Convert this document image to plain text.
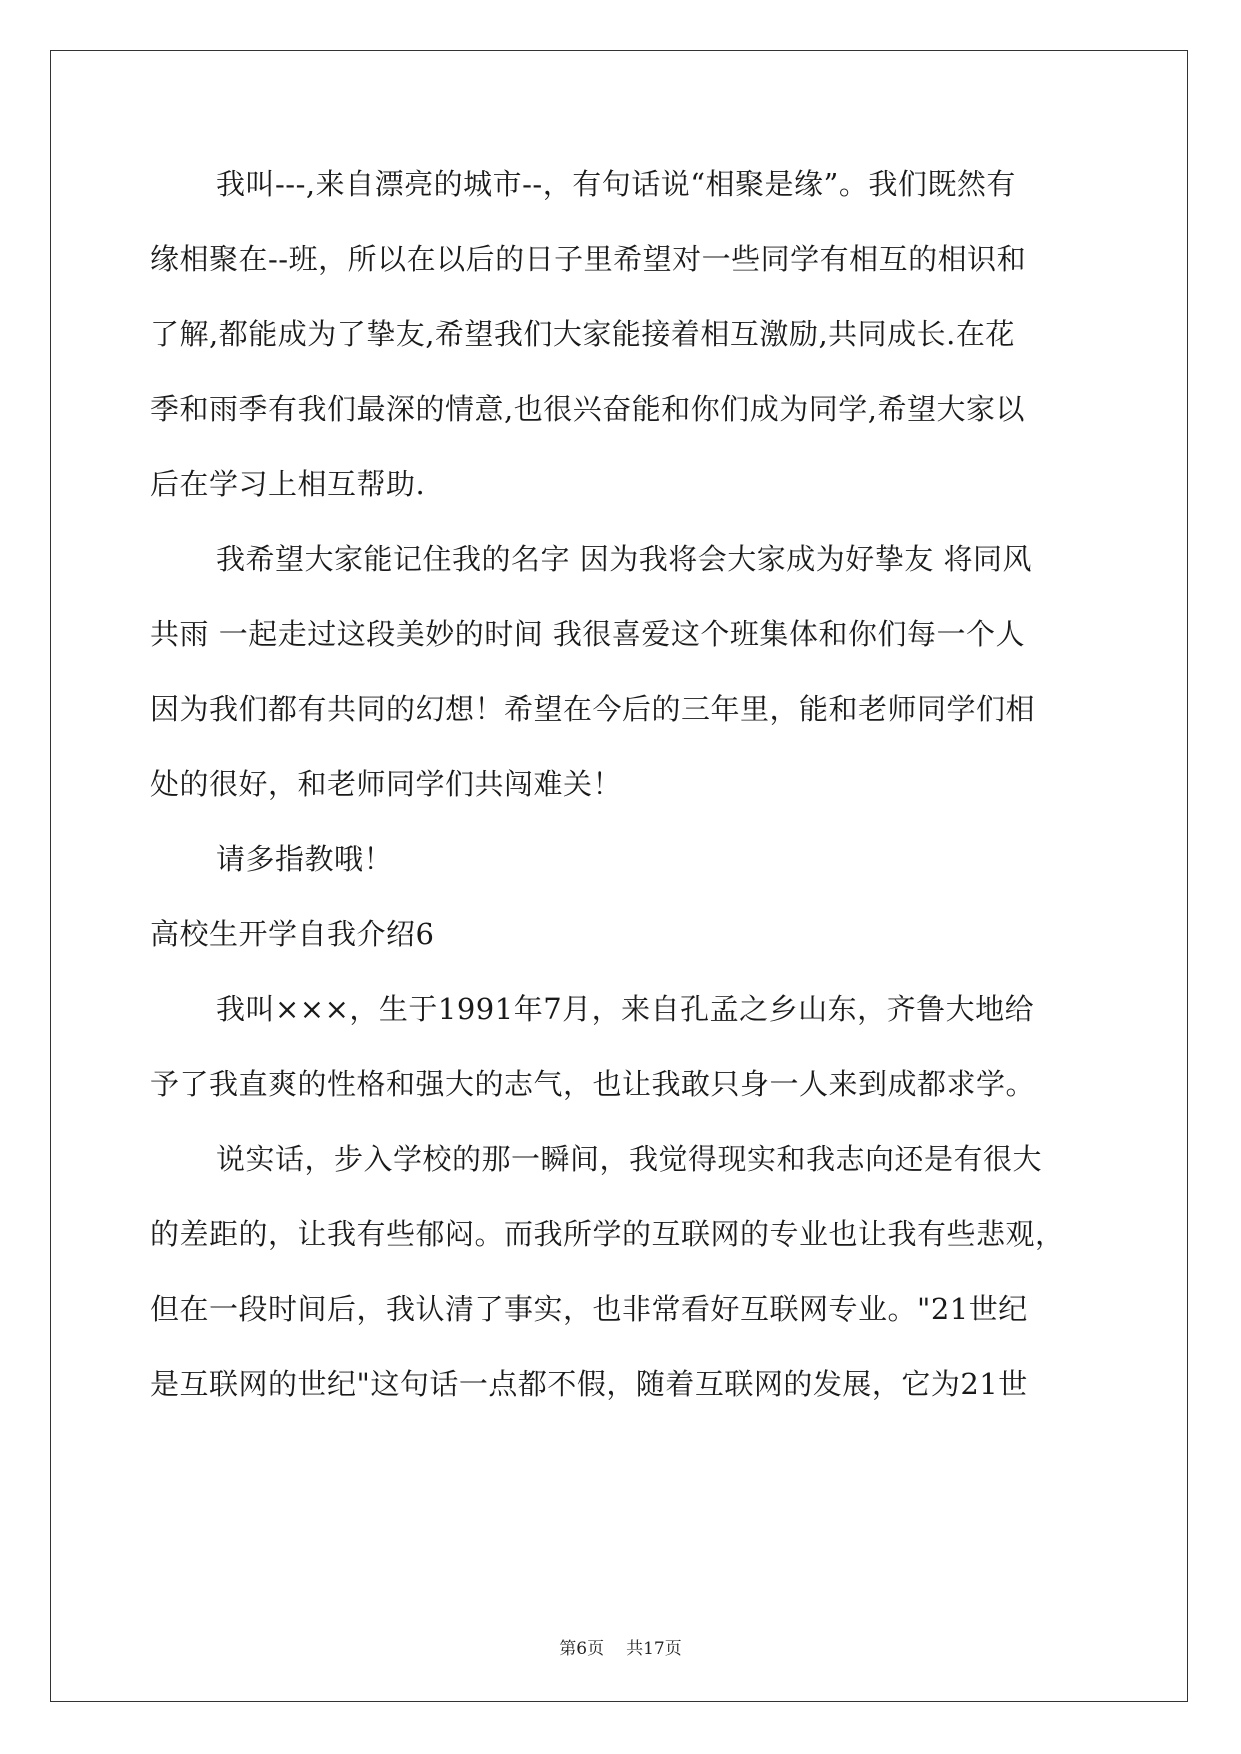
我叫---,来自漂亮的城市--，有句话说“相聚是缘”。我们既然有
缘相聚在--班，所以在以后的日子里希望对一些同学有相互的相识和
了解,都能成为了挚友,希望我们大家能接着相互激励,共同成长.在花
季和雨季有我们最深的情意,也很兴奋能和你们成为同学,希望大家以
后在学习上相互帮助.
我希望大家能记住我的名字 因为我将会大家成为好挚友 将同风
共雨 一起走过这段美妙的时间 我很喜爱这个班集体和你们每一个人
因为我们都有共同的幻想！希望在今后的三年里，能和老师同学们相
处的很好，和老师同学们共闯难关！
请多指教哦！
高校生开学自我介绍6
我叫×××，生于1991年7月，来自孔孟之乡山东，齐鲁大地给
予了我直爽的性格和强大的志气，也让我敢只身一人来到成都求学。
说实话，步入学校的那一瞬间，我觉得现实和我志向还是有很大
的差距的，让我有些郁闷。而我所学的互联网的专业也让我有些悲观，
但在一段时间后，我认清了事实，也非常看好互联网专业。"21世纪
是互联网的世纪"这句话一点都不假，随着互联网的发展，它为21世
第6页 共17页
